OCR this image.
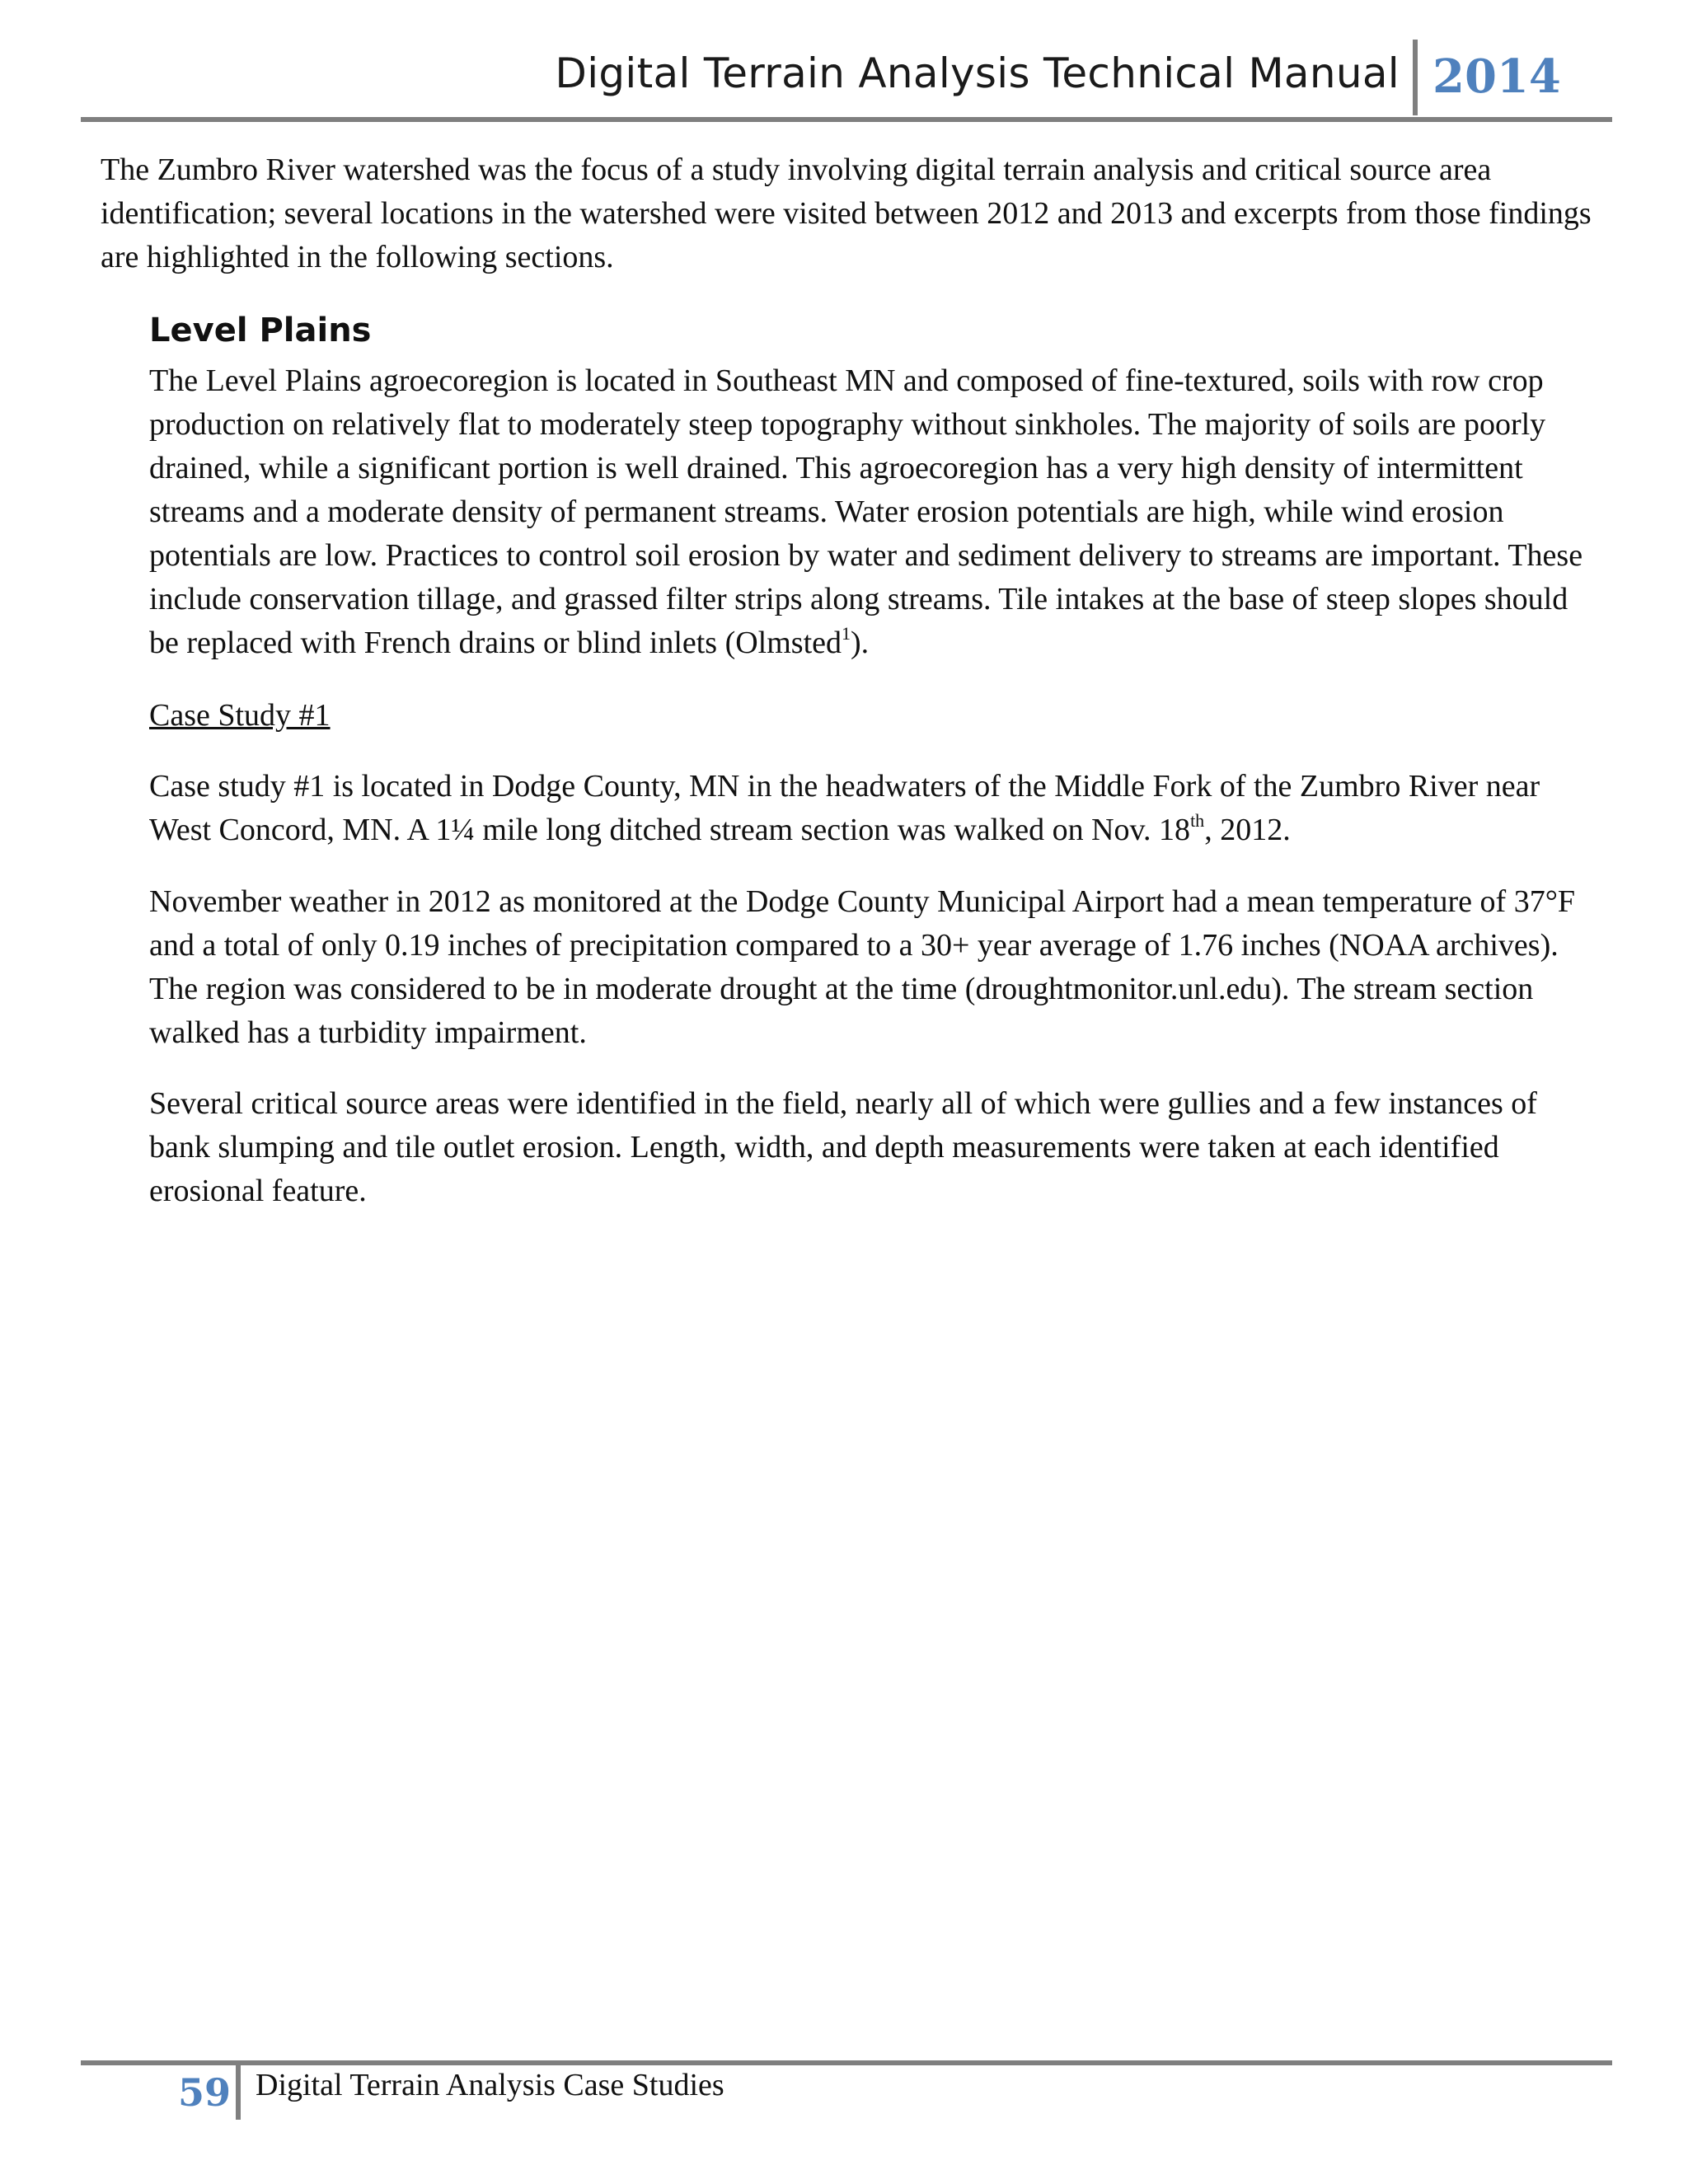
Digital Terrain Analysis Technical Manual 2014

The Zumbro River watershed was the focus of a study involving digital terrain analysis and critical source area identification; several locations in the watershed were visited between 2012 and 2013 and excerpts from those findings are highlighted in the following sections.

Level Plains

The Level Plains agroecoregion is located in Southeast MN and composed of fine-textured, soils with row crop production on relatively flat to moderately steep topography without sinkholes. The majority of soils are poorly drained, while a significant portion is well drained. This agroecoregion has a very high density of intermittent streams and a moderate density of permanent streams. Water erosion potentials are high, while wind erosion potentials are low. Practices to control soil erosion by water and sediment delivery to streams are important. These include conservation tillage, and grassed filter strips along streams. Tile intakes at the base of steep slopes should be replaced with French drains or blind inlets (Olmsted$^1$).

Case Study #1

Case study #1 is located in Dodge County, MN in the headwaters of the Middle Fork of the Zumbro River near West Concord, MN. A 1¼ mile long ditched stream section was walked on Nov. 18th, 2012.

November weather in 2012 as monitored at the Dodge County Municipal Airport had a mean temperature of 37°F and a total of only 0.19 inches of precipitation compared to a 30+ year average of 1.76 inches (NOAA archives). The region was considered to be in moderate drought at the time (droughtmonitor.unl.edu). The stream section walked has a turbidity impairment.

Several critical source areas were identified in the field, nearly all of which were gullies and a few instances of bank slumping and tile outlet erosion. Length, width, and depth measurements were taken at each identified erosional feature.

59 Digital Terrain Analysis Case Studies
